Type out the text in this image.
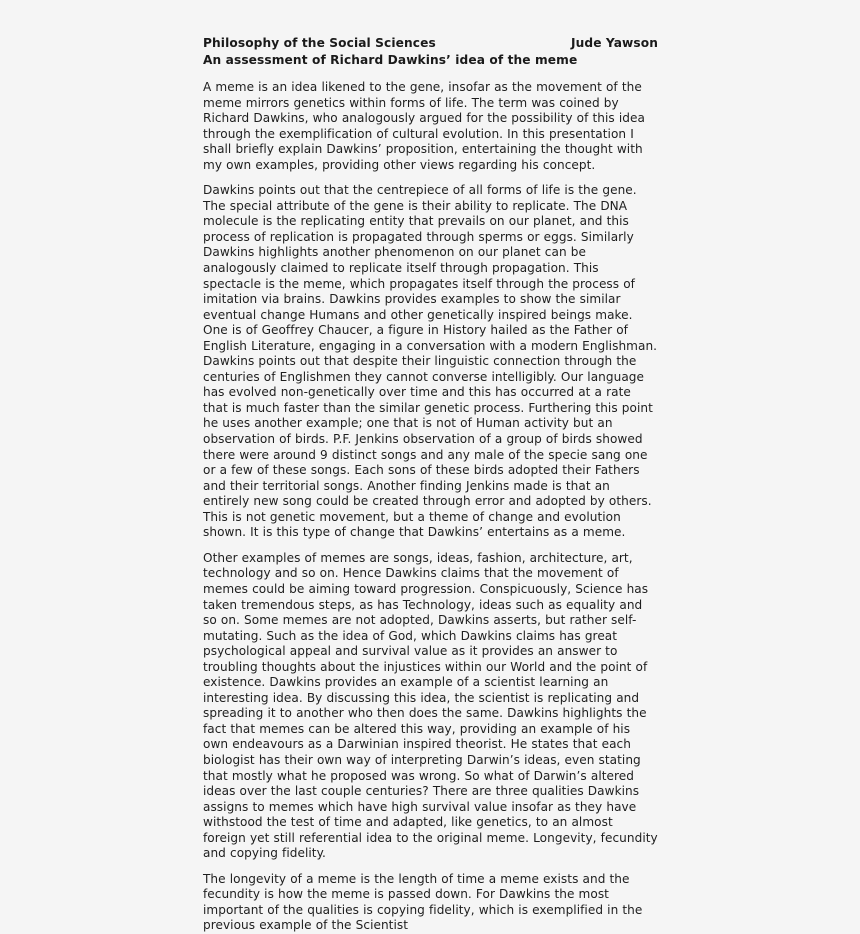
Philosophy of the Social Sciences	Jude Yawson
An assessment of Richard Dawkins’ idea of the meme

A meme is an idea likened to the gene, insofar as the movement of the meme mirrors genetics within forms of life. The term was coined by Richard Dawkins, who analogously argued for the possibility of this idea through the exemplification of cultural evolution. In this presentation I shall briefly explain Dawkins’ proposition, entertaining the thought with my own examples, providing other views regarding his concept.

Dawkins points out that the centrepiece of all forms of life is the gene. The special attribute of the gene is their ability to replicate. The DNA molecule is the replicating entity that prevails on our planet, and this process of replication is propagated through sperms or eggs. Similarly Dawkins highlights another phenomenon on our planet can be analogously claimed to replicate itself through propagation. This spectacle is the meme, which propagates itself through the process of imitation via brains. Dawkins provides examples to show the similar eventual change Humans and other genetically inspired beings make. One is of Geoffrey Chaucer, a figure in History hailed as the Father of English Literature, engaging in a conversation with a modern Englishman. Dawkins points out that despite their linguistic connection through the centuries of Englishmen they cannot converse intelligibly. Our language has evolved non-genetically over time and this has occurred at a rate that is much faster than the similar genetic process. Furthering this point he uses another example; one that is not of Human activity but an observation of birds. P.F. Jenkins observation of a group of birds showed there were around 9 distinct songs and any male of the specie sang one or a few of these songs. Each sons of these birds adopted their Fathers and their territorial songs. Another finding Jenkins made is that an entirely new song could be created through error and adopted by others. This is not genetic movement, but a theme of change and evolution shown. It is this type of change that Dawkins’ entertains as a meme.

Other examples of memes are songs, ideas, fashion, architecture, art, technology and so on. Hence Dawkins claims that the movement of memes could be aiming toward progression. Conspicuously, Science has taken tremendous steps, as has Technology, ideas such as equality and so on. Some memes are not adopted, Dawkins asserts, but rather self-mutating. Such as the idea of God, which Dawkins claims has great psychological appeal and survival value as it provides an answer to troubling thoughts about the injustices within our World and the point of existence. Dawkins provides an example of a scientist learning an interesting idea. By discussing this idea, the scientist is replicating and spreading it to another who then does the same. Dawkins highlights the fact that memes can be altered this way, providing an example of his own endeavours as a Darwinian inspired theorist. He states that each biologist has their own way of interpreting Darwin’s ideas, even stating that mostly what he proposed was wrong. So what of Darwin’s altered ideas over the last couple centuries? There are three qualities Dawkins assigns to memes which have high survival value insofar as they have withstood the test of time and adapted, like genetics, to an almost foreign yet still referential idea to the original meme. Longevity, fecundity and copying fidelity.

The longevity of a meme is the length of time a meme exists and the fecundity is how the meme is passed down. For Dawkins the most important of the qualities is copying fidelity, which is exemplified in the previous example of the Scientist
